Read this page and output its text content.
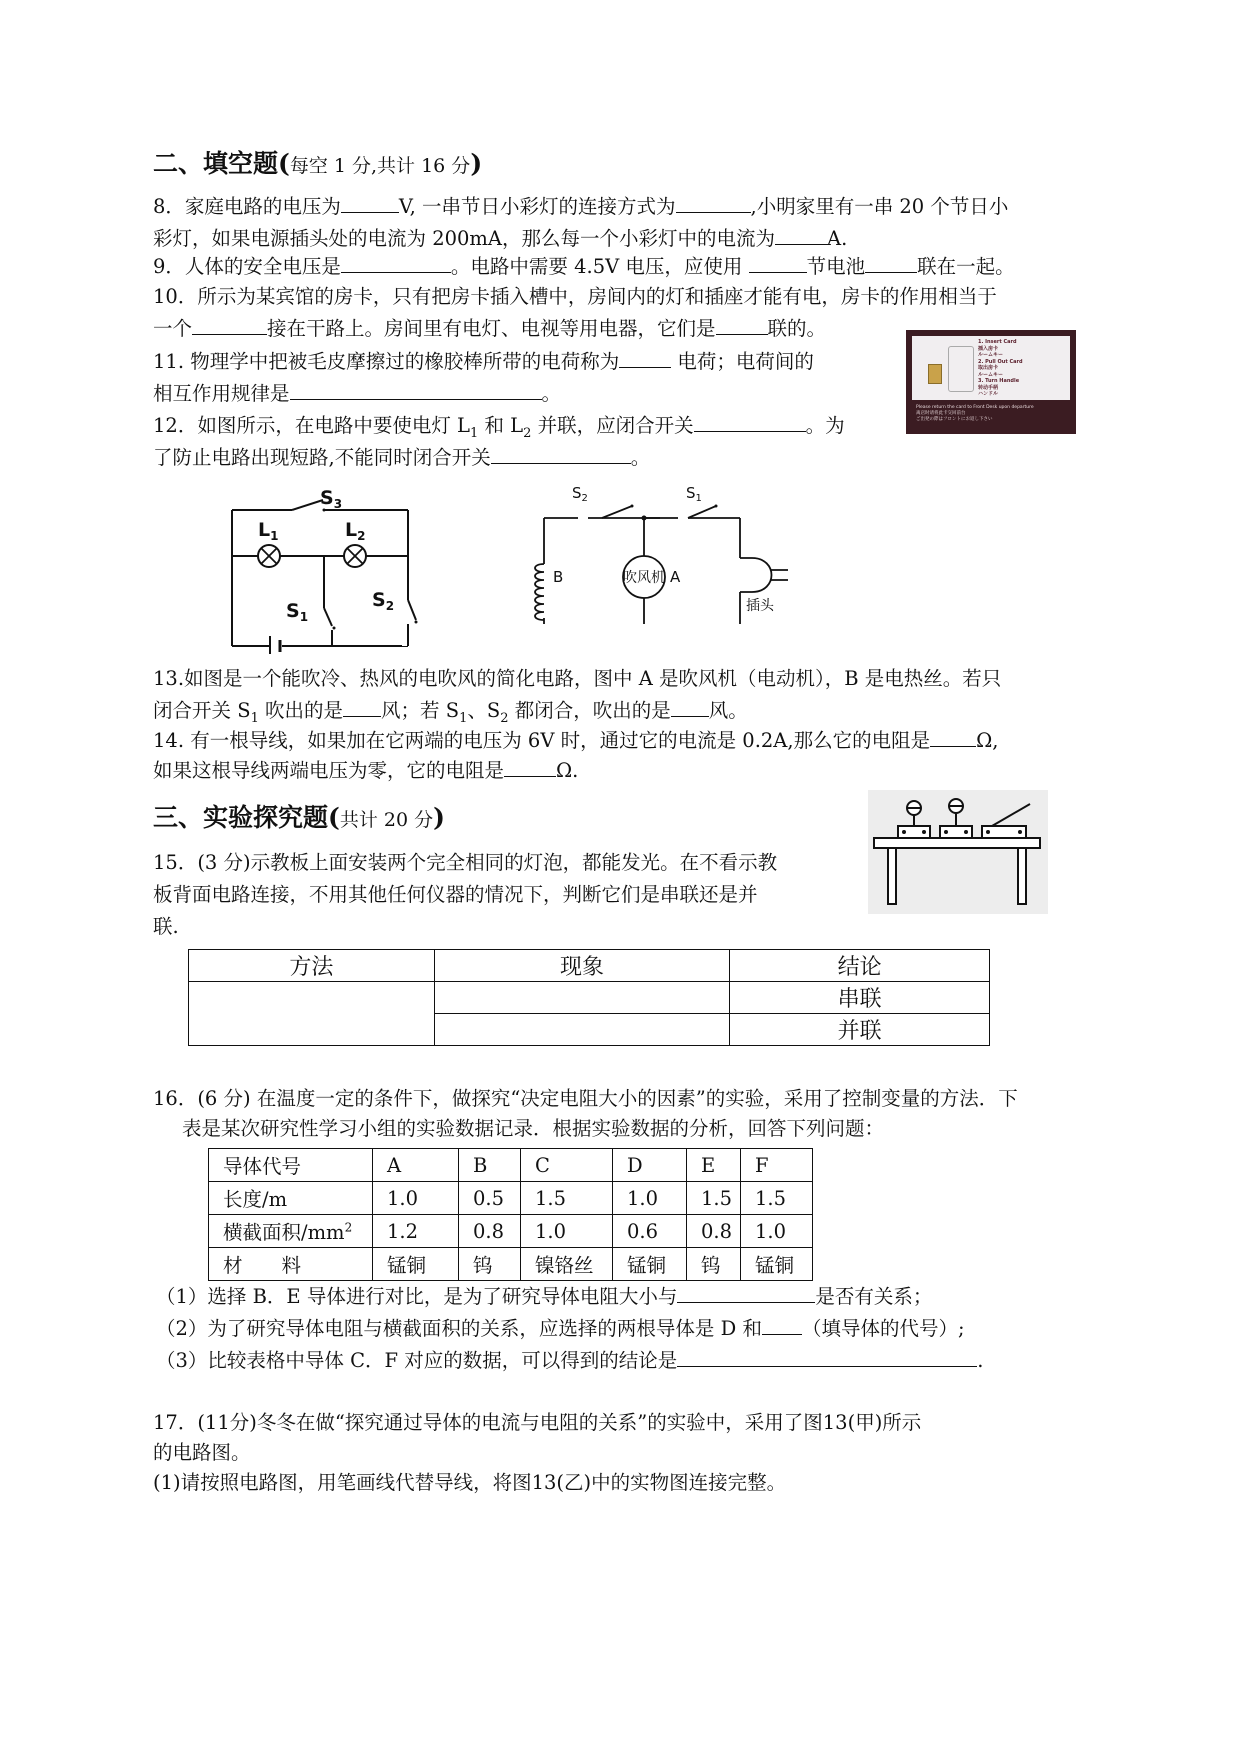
二、填空题(每空 1 分,共计 16 分)
8．家庭电路的电压为	V, 一串节日小彩灯的连接方式为	,小明家里有一串 20 个节日小
彩灯，如果电源插头处的电流为 200mA，那么每一个小彩灯中的电流为	A.
9．人体的安全电压是	。电路中需要 4.5V 电压，应使用	节电池	联在一起。
10．所示为某宾馆的房卡，只有把房卡插入槽中，房间内的灯和插座才能有电，房卡的作用相当于
一个	接在干路上。房间里有电灯、电视等用电器，它们是	联的。
11. 物理学中把被毛皮摩擦过的橡胶棒所带的电荷称为	电荷；电荷间的
相互作用规律是	。
12．如图所示，在电路中要使电灯 $L_1$ 和 $L_2$ 并联，应闭合开关	。为
了防止电路出现短路,不能同时闭合开关	。
1. Insert Card
插入房卡
ルームキー
2. Pull Out Card
取出房卡
ルームキー
3. Turn Handle
转动手柄
ハンドル
Please return the card to Front Desk upon departure
离店时请将此卡交回前台
ご出発の際はフロントにお返し下さい
$S_3$
$L_1$	$L_2$
$S_1$
$S_2$
$S_2$	$S_1$
B	吹风机 A
插头
13.如图是一个能吹冷、热风的电吹风的简化电路，图中 A 是吹风机（电动机），B 是电热丝。若只
闭合开关 $S_1$ 吹出的是 风；若 $S_1$、$S_2$ 都闭合，吹出的是 风。
14. 有一根导线，如果加在它两端的电压为 6V 时，通过它的电流是 0.2A,那么它的电阻是 Ω,
如果这根导线两端电压为零，它的电阻是	Ω.
三、实验探究题(共计 20 分)
15．(3 分)示教板上面安装两个完全相同的灯泡，都能发光。在不看示教
板背面电路连接，不用其他任何仪器的情况下，判断它们是串联还是并
联.
方法	现象	结论
		串联
		并联
16．(6 分) 在温度一定的条件下，做探究“决定电阻大小的因素”的实验，采用了控制变量的方法．下
表是某次研究性学习小组的实验数据记录．根据实验数据的分析，回答下列问题：
导体代号	A	B	C	D	E	F
长度/m	1.0	0.5	1.5	1.0	1.5	1.5
横截面积$/mm^2$	1.2	0.8	1.0	0.6	0.8	1.0
材　　料	锰铜	钨	镍铬丝	锰铜	钨	锰铜
（1）选择 B．E 导体进行对比，是为了研究导体电阻大小与	是否有关系；
（2）为了研究导体电阻与横截面积的关系，应选择的两根导体是 D 和 （填导体的代号）;
（3）比较表格中导体 C．F 对应的数据，可以得到的结论是	.
17．(11分)冬冬在做“探究通过导体的电流与电阻的关系”的实验中，采用了图13(甲)所示
的电路图。
(1)请按照电路图，用笔画线代替导线，将图13(乙)中的实物图连接完整。
